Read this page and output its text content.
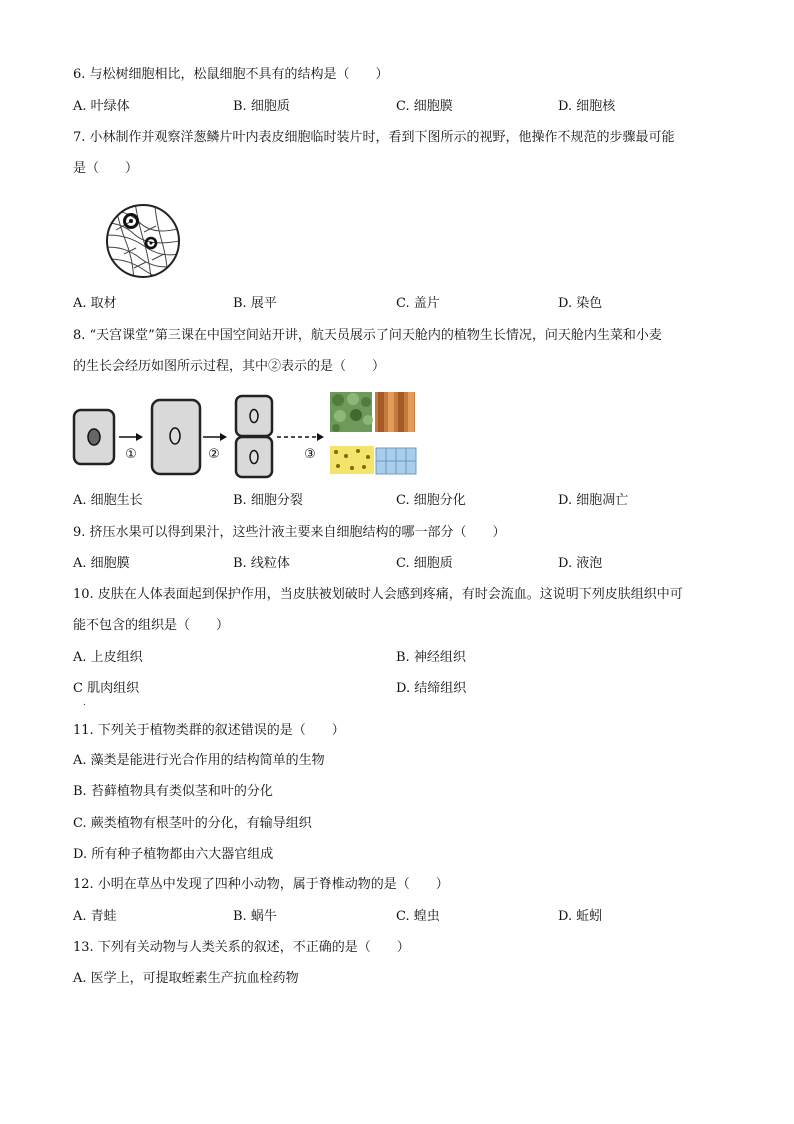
6. 与松树细胞相比，松鼠细胞不具有的结构是（　　）
A. 叶绿体	B. 细胞质	C. 细胞膜	D. 细胞核
7. 小林制作并观察洋葱鳞片叶内表皮细胞临时装片时，看到下图所示的视野，他操作不规范的步骤最可能
是（　　）
A. 取材	B. 展平	C. 盖片	D. 染色
8. “天宫课堂”第三课在中国空间站开讲，航天员展示了问天舱内的植物生长情况，问天舱内生菜和小麦
的生长会经历如图所示过程，其中②表示的是（　　）
①	②	③
A. 细胞生长	B. 细胞分裂	C. 细胞分化	D. 细胞凋亡
9. 挤压水果可以得到果汁，这些汁液主要来自细胞结构的哪一部分（　　）
A. 细胞膜	B. 线粒体	C. 细胞质	D. 液泡
10. 皮肤在人体表面起到保护作用，当皮肤被划破时人会感到疼痛，有时会流血。这说明下列皮肤组织中可
能不包含的组织是（　　）
A. 上皮组织	B. 神经组织
C 肌肉组织	D. 结缔组织
.
11. 下列关于植物类群的叙述错误的是（　　）
A. 藻类是能进行光合作用的结构简单的生物
B. 苔藓植物具有类似茎和叶的分化
C. 蕨类植物有根茎叶的分化，有输导组织
D. 所有种子植物都由六大器官组成
12. 小明在草丛中发现了四种小动物，属于脊椎动物的是（　　）
A. 青蛙	B. 蜗牛	C. 蝗虫	D. 蚯蚓
13. 下列有关动物与人类关系的叙述，不正确的是（　　）
A. 医学上，可提取蛭素生产抗血栓药物
